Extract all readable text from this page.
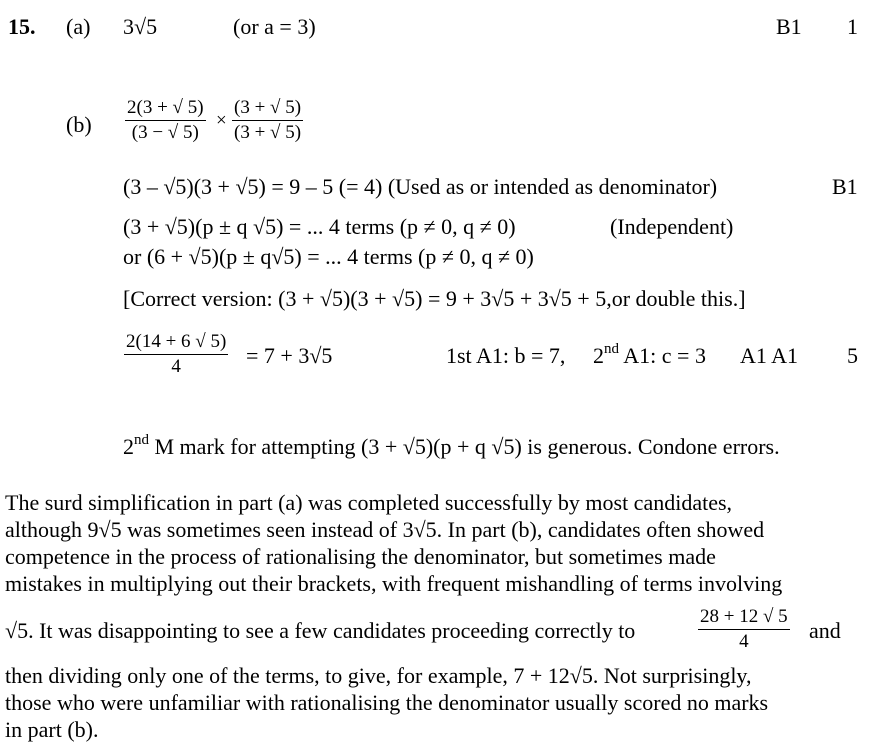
15. (a) 3√5	(or a = 3)	B1 1
$(b) \frac{2(3 + √ 5)}{(3 - √ 5)} \times \frac{(3 + √ 5)}{(3 + √ 5)}$
(3 – √5)(3 + √5) = 9 – 5 (= 4) (Used as or intended as denominator)	B1
(3 + √5)(p ± q √5) = ... 4 terms (p ≠ 0, q ≠ 0)	(Independent)
or (6 + √5)(p ± q√5) = ... 4 terms (p ≠ 0, q ≠ 0)
[Correct version: (3 + √5)(3 + √5) = 9 + 3√5 + 3√5 + 5,or double this.]
$\frac{2(14 + 6 √ 5)}{4} = 7 + 3√5$	1st A1: b = 7, 2nd A1: c = 3 A1 A1 5
2nd M mark for attempting (3 + √5)(p + q √5) is generous. Condone errors.
The surd simplification in part (a) was completed successfully by most candidates,
although 9√5 was sometimes seen instead of 3√5. In part (b), candidates often showed
competence in the process of rationalising the denominator, but sometimes made
mistakes in multiplying out their brackets, with frequent mishandling of terms involving
√5. It was disappointing to see a few candidates proceeding correctly to	$\frac{28 + 12 √ 5}{4}$ and
then dividing only one of the terms, to give, for example, 7 + 12√5. Not surprisingly,
those who were unfamiliar with rationalising the denominator usually scored no marks
in part (b).
